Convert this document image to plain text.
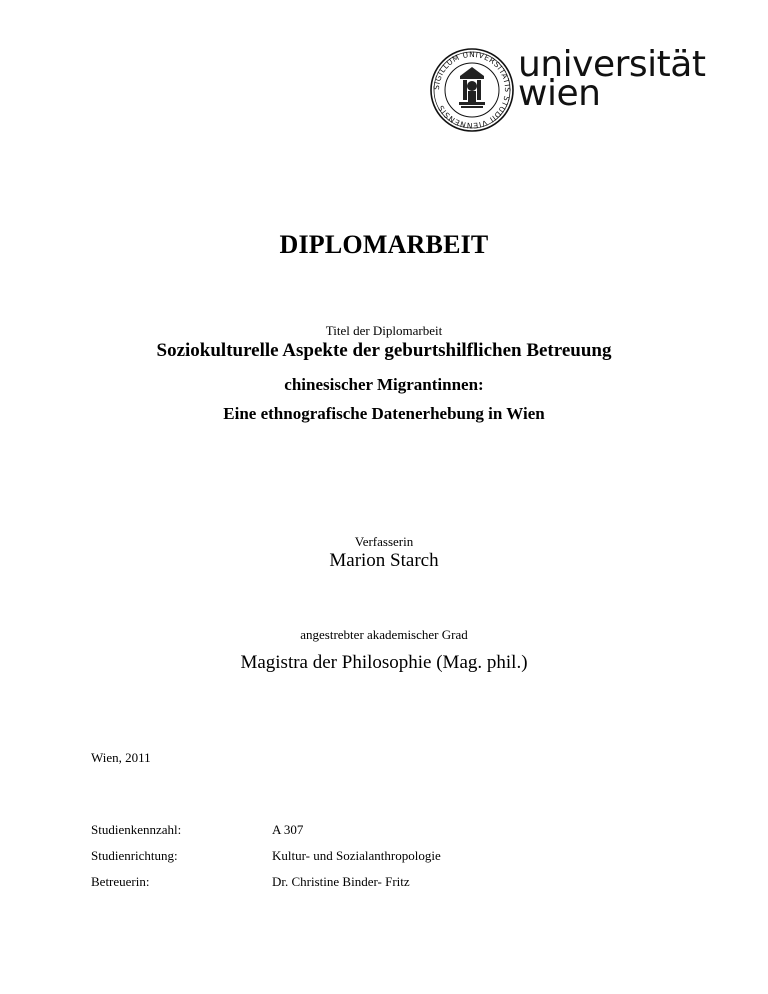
SIGILLUM UNIVERSITATIS STUDII VIENNENSIS
universität
wien
DIPLOMARBEIT
Titel der Diplomarbeit
Soziokulturelle Aspekte der geburtshilflichen Betreuung
chinesischer Migrantinnen:
Eine ethnografische Datenerhebung in Wien
Verfasserin
Marion Starch
angestrebter akademischer Grad
Magistra der Philosophie (Mag. phil.)
Wien, 2011
Studienkennzahl:	A 307
Studienrichtung:	Kultur- und Sozialanthropologie
Betreuerin:	Dr. Christine Binder- Fritz
